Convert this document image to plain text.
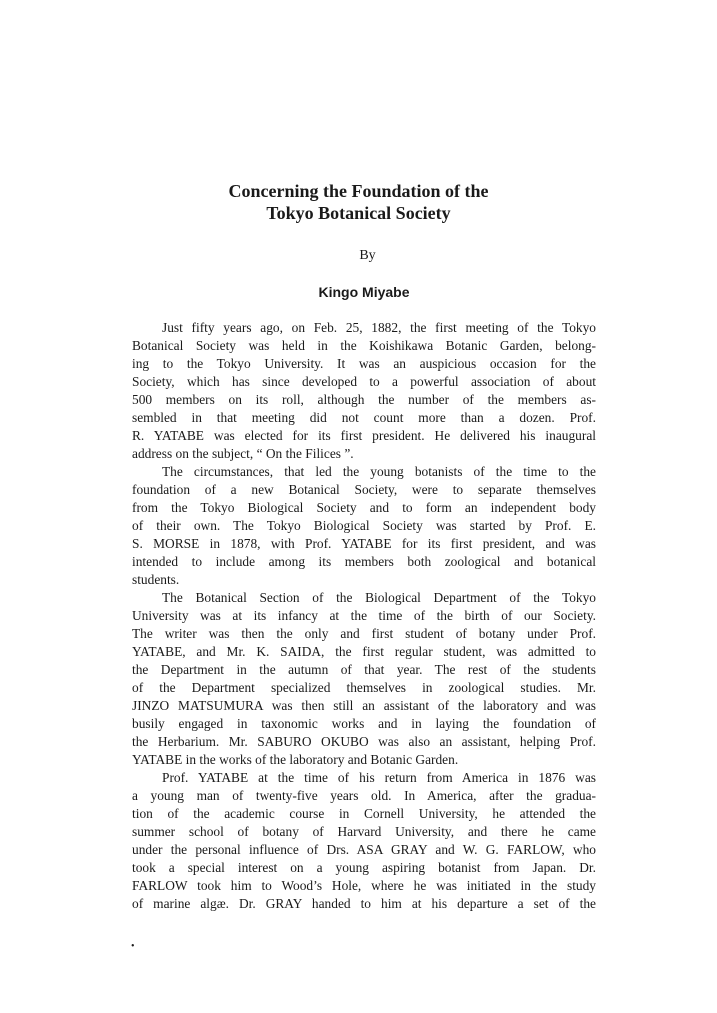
Concerning the Foundation of the
Tokyo Botanical Society

By

Kingo Miyabe

Just fifty years ago, on Feb. 25, 1882, the first meeting of the Tokyo
Botanical Society was held in the Koishikawa Botanic Garden, belong-
ing to the Tokyo University. It was an auspicious occasion for the
Society, which has since developed to a powerful association of about
500 members on its roll, although the number of the members as-
sembled in that meeting did not count more than a dozen. Prof.
R. YATABE was elected for its first president. He delivered his inaugural
address on the subject, “ On the Filices ”.
The circumstances, that led the young botanists of the time to the
foundation of a new Botanical Society, were to separate themselves
from the Tokyo Biological Society and to form an independent body
of their own. The Tokyo Biological Society was started by Prof. E.
S. MORSE in 1878, with Prof. YATABE for its first president, and was
intended to include among its members both zoological and botanical
students.
The Botanical Section of the Biological Department of the Tokyo
University was at its infancy at the time of the birth of our Society.
The writer was then the only and first student of botany under Prof.
YATABE, and Mr. K. SAIDA, the first regular student, was admitted to
the Department in the autumn of that year. The rest of the students
of the Department specialized themselves in zoological studies. Mr.
JINZO MATSUMURA was then still an assistant of the laboratory and was
busily engaged in taxonomic works and in laying the foundation of
the Herbarium. Mr. SABURO OKUBO was also an assistant, helping Prof.
YATABE in the works of the laboratory and Botanic Garden.
Prof. YATABE at the time of his return from America in 1876 was
a young man of twenty-five years old. In America, after the gradua-
tion of the academic course in Cornell University, he attended the
summer school of botany of Harvard University, and there he came
under the personal influence of Drs. ASA GRAY and W. G. FARLOW, who
took a special interest on a young aspiring botanist from Japan. Dr.
FARLOW took him to Wood’s Hole, where he was initiated in the study
of marine algæ. Dr. GRAY handed to him at his departure a set of the
•
